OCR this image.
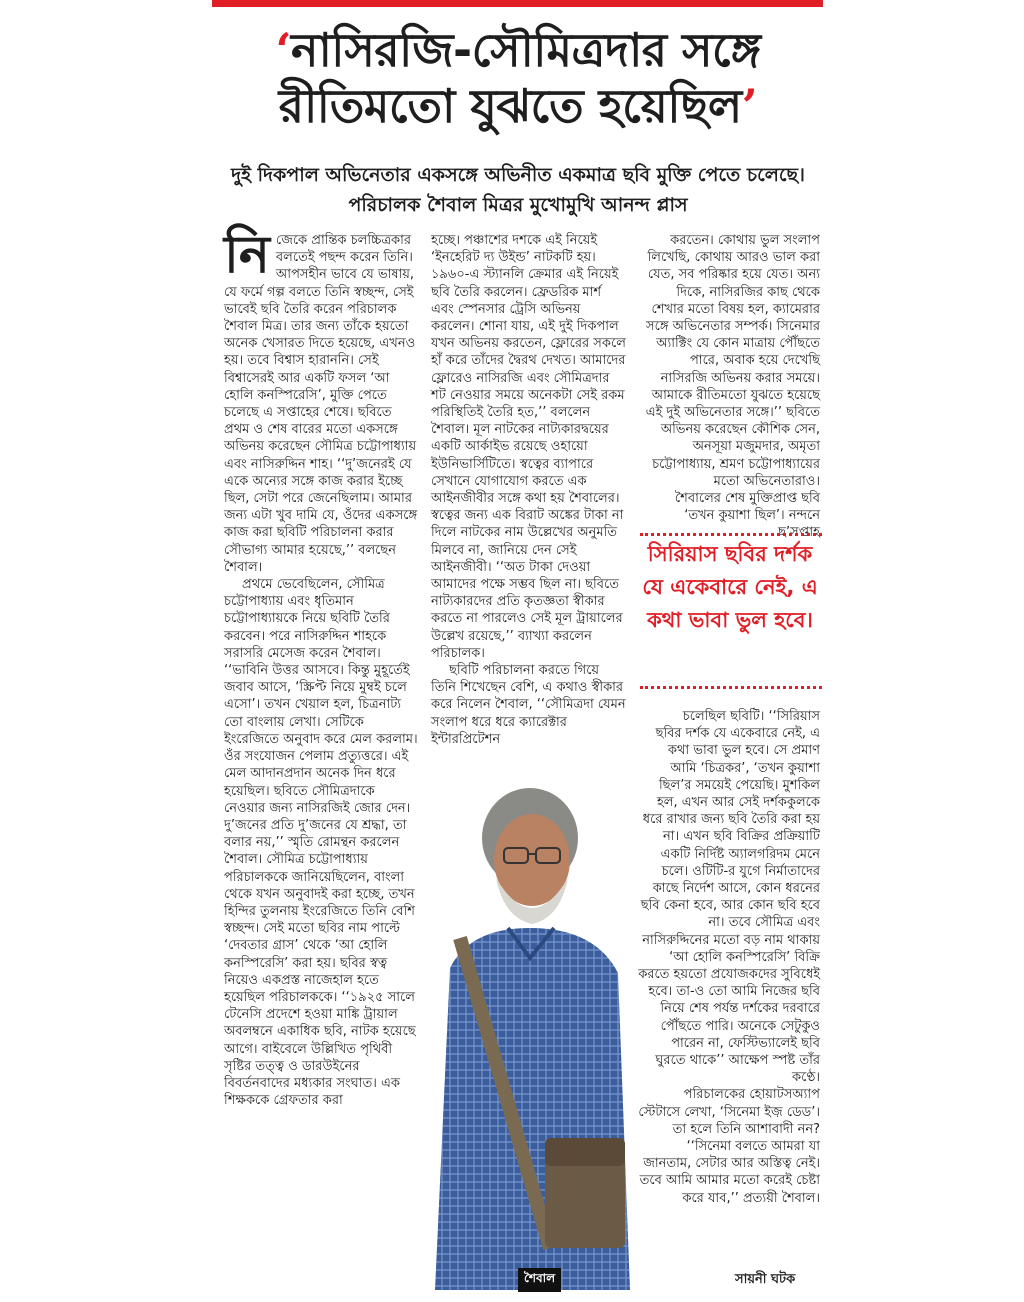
‘নাসিরজি-সৌমিত্রদার সঙ্গে
রীতিমতো যুঝতে হয়েছিল’
দুই দিকপাল অভিনেতার একসঙ্গে অভিনীত একমাত্র ছবি মুক্তি পেতে চলেছে।
পরিচালক শৈবাল মিত্রর মুখোমুখি আনন্দ প্লাস

নিজেকে প্রান্তিক চলচ্চিত্রকার বলতেই পছন্দ করেন তিনি। আপসহীন ভাবে যে ভাষায়, যে ফর্মে গল্প বলতে তিনি স্বচ্ছন্দ, সেই ভাবেই ছবি তৈরি করেন পরিচালক শৈবাল মিত্র। তার জন্য তাঁকে হয়তো অনেক খেসারত দিতে হয়েছে, এখনও হয়। তবে বিশ্বাস হারাননি। সেই বিশ্বাসেরই আর একটি ফসল ‘আ হোলি কনস্পিরেসি’, মুক্তি পেতে চলেছে এ সপ্তাহের শেষে। ছবিতে প্রথম ও শেষ বারের মতো একসঙ্গে অভিনয় করেছেন সৌমিত্র চট্টোপাধ্যায় এবং নাসিরুদ্দিন শাহ। ‘‘দু’জনেরই যে একে অন্যের সঙ্গে কাজ করার ইচ্ছে ছিল, সেটা পরে জেনেছিলাম। আমার জন্য এটা খুব দামি যে, ওঁদের একসঙ্গে কাজ করা ছবিটি পরিচালনা করার সৌভাগ্য আমার হয়েছে,’’ বলছেন শৈবাল।

প্রথমে ভেবেছিলেন, সৌমিত্র চট্টোপাধ্যায় এবং ধৃতিমান চট্টোপাধ্যায়কে নিয়ে ছবিটি তৈরি করবেন। পরে নাসিরুদ্দিন শাহকে সরাসরি মেসেজ করেন শৈবাল। ‘‘ভাবিনি উত্তর আসবে। কিন্তু মুহূর্তেই জবাব আসে, ‘স্ক্রিপ্ট নিয়ে মুম্বই চলে এসো’। তখন খেয়াল হল, চিত্রনাট্য তো বাংলায় লেখা। সেটিকে ইংরেজিতে অনুবাদ করে মেল করলাম। ওঁর সংযোজন পেলাম প্রত্যুত্তরে। এই মেল আদানপ্রদান অনেক দিন ধরে হয়েছিল। ছবিতে সৌমিত্রদাকে নেওয়ার জন্য নাসিরজিই জোর দেন। দু’জনের প্রতি দু’জনের যে শ্রদ্ধা, তা বলার নয়,’’ স্মৃতি রোমন্থন করলেন শৈবাল। সৌমিত্র চট্টোপাধ্যায় পরিচালককে জানিয়েছিলেন, বাংলা থেকে যখন অনুবাদই করা হচ্ছে, তখন হিন্দির তুলনায় ইংরেজিতে তিনি বেশি স্বচ্ছন্দ। সেই মতো ছবির নাম পাল্টে ‘দেবতার গ্রাস’ থেকে ‘আ হোলি কনস্পিরেসি’ করা হয়। ছবির স্বত্ব নিয়েও একপ্রস্ত নাজেহাল হতে হয়েছিল পরিচালককে। ‘‘১৯২৫ সালে টেনেসি প্রদেশে হওয়া মাঙ্কি ট্রায়াল অবলম্বনে একাধিক ছবি, নাটক হয়েছে আগে। বাইবেলে উল্লিখিত পৃথিবী সৃষ্টির তত্ত্ব ও ডারউইনের বিবর্তনবাদের মধ্যকার সংঘাত। এক শিক্ষককে গ্রেফতার করা

হচ্ছে। পঞ্চাশের দশকে এই নিয়েই ‘ইনহেরিট দ্য উইন্ড’ নাটকটি হয়। ১৯৬০-এ স্ট্যানলি ক্রেমার এই নিয়েই ছবি তৈরি করলেন। ফ্রেডরিক মার্শ এবং স্পেনসার ট্রেসি অভিনয় করলেন। শোনা যায়, এই দুই দিকপাল যখন অভিনয় করতেন, ফ্লোরের সকলে হাঁ করে তাঁদের দ্বৈরথ দেখত। আমাদের ফ্লোরেও নাসিরজি এবং সৌমিত্রদার শট নেওয়ার সময়ে অনেকটা সেই রকম পরিস্থিতিই তৈরি হত,’’ বললেন শৈবাল। মূল নাটকের নাট্যকারদ্বয়ের একটি আর্কাইভ রয়েছে ওহায়ো ইউনিভার্সিটিতে। স্বত্বের ব্যাপারে সেখানে যোগাযোগ করতে এক আইনজীবীর সঙ্গে কথা হয় শৈবালের। স্বত্বের জন্য এক বিরাট অঙ্কের টাকা না দিলে নাটকের নাম উল্লেখের অনুমতি মিলবে না, জানিয়ে দেন সেই আইনজীবী। ‘‘অত টাকা দেওয়া আমাদের পক্ষে সম্ভব ছিল না। ছবিতে নাট্যকারদের প্রতি কৃতজ্ঞতা স্বীকার করতে না পারলেও সেই মূল ট্রায়ালের উল্লেখ রয়েছে,’’ ব্যাখ্যা করলেন পরিচালক।

ছবিটি পরিচালনা করতে গিয়ে তিনি শিখেছেন বেশি, এ কথাও স্বীকার করে নিলেন শৈবাল, ‘‘সৌমিত্রদা যেমন সংলাপ ধরে ধরে ক্যারেক্টার ইন্টারপ্রিটেশন

করতেন। কোথায় ভুল সংলাপ লিখেছি, কোথায় আরও ভাল করা যেত, সব পরিষ্কার হয়ে যেত। অন্য দিকে, নাসিরজির কাছ থেকে শেখার মতো বিষয় হল, ক্যামেরার সঙ্গে অভিনেতার সম্পর্ক। সিনেমার অ্যাক্টিং যে কোন মাত্রায় পৌঁছতে পারে, অবাক হয়ে দেখেছি নাসিরজি অভিনয় করার সময়ে। আমাকে রীতিমতো যুঝতে হয়েছে এই দুই অভিনেতার সঙ্গে।’’ ছবিতে অভিনয় করেছেন কৌশিক সেন, অনসূয়া মজুমদার, অমৃতা চট্টোপাধ্যায়, শ্রমণ চট্টোপাধ্যায়ের মতো অভিনেতারাও।

শৈবালের শেষ মুক্তিপ্রাপ্ত ছবি ‘তখন কুয়াশা ছিল’। নন্দনে ছ’সপ্তাহ

সিরিয়াস ছবির দর্শক যে একেবারে নেই, এ কথা ভাবা ভুল হবে।

চলেছিল ছবিটি। ‘‘সিরিয়াস ছবির দর্শক যে একেবারে নেই, এ কথা ভাবা ভুল হবে। সে প্রমাণ আমি ‘চিত্রকর’, ‘তখন কুয়াশা ছিল’র সময়েই পেয়েছি। মুশকিল হল, এখন আর সেই দর্শককুলকে ধরে রাখার জন্য ছবি তৈরি করা হয় না। এখন ছবি বিক্রির প্রক্রিয়াটি একটি নির্দিষ্ট অ্যালগরিদম মেনে চলে। ওটিটি-র যুগে নির্মাতাদের কাছে নির্দেশ আসে, কোন ধরনের ছবি কেনা হবে, আর কোন ছবি হবে না। তবে সৌমিত্র এবং নাসিরুদ্দিনের মতো বড় নাম থাকায় ‘আ হোলি কনস্পিরেসি’ বিক্রি করতে হয়তো প্রযোজকদের সুবিধেই হবে। তা-ও তো আমি নিজের ছবি নিয়ে শেষ পর্যন্ত দর্শকের দরবারে পৌঁছতে পারি। অনেকে সেটুকুও পারেন না, ফেস্টিভ্যালেই ছবি ঘুরতে থাকে’’ আক্ষেপ স্পষ্ট তাঁর কণ্ঠে।

পরিচালকের হোয়াটসঅ্যাপ স্টেটাসে লেখা, ‘সিনেমা ইজ় ডেড’। তা হলে তিনি আশাবাদী নন? ‘‘সিনেমা বলতে আমরা যা জানতাম, সেটার আর অস্তিত্ব নেই। তবে আমি আমার মতো করেই চেষ্টা করে যাব,’’ প্রত্যয়ী শৈবাল।

শৈবাল	সায়নী ঘটক
